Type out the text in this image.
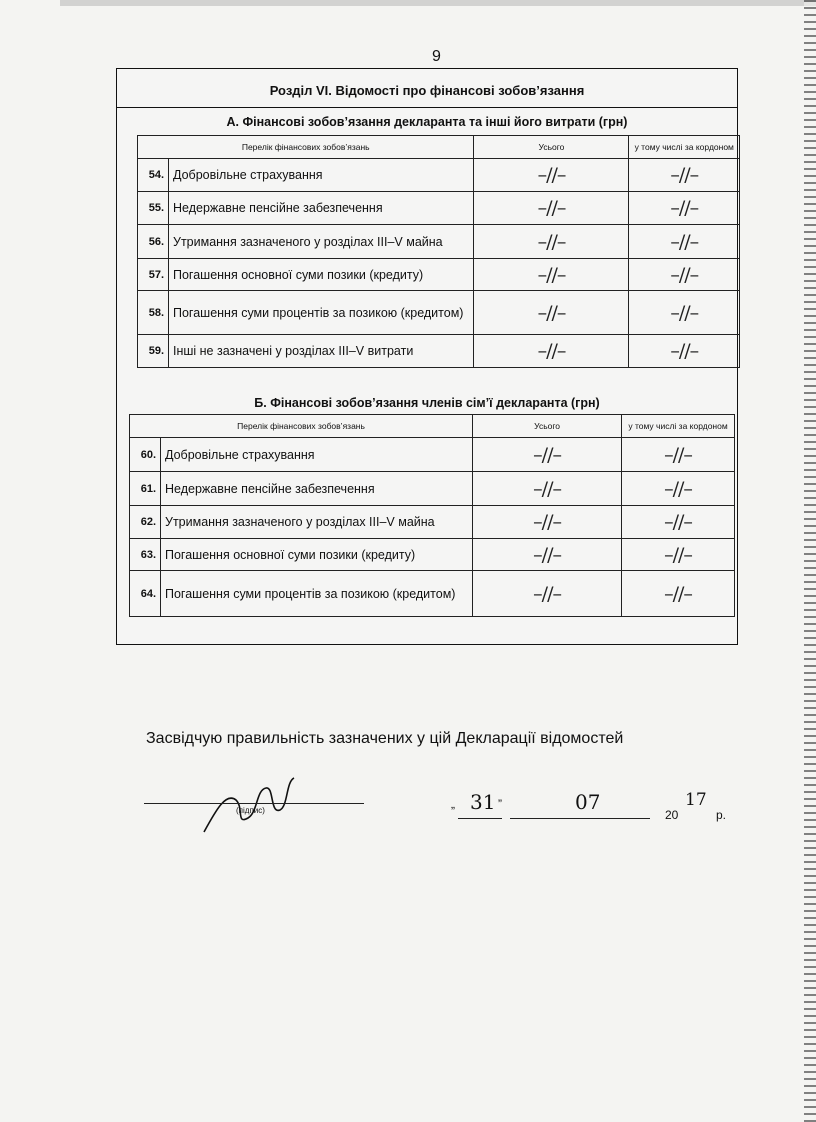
9
Розділ VI. Відомості про фінансові зобов’язання
А. Фінансові зобов’язання декларанта та інші його витрати (грн)
Перелік фінансових зобов’язань		Усього	у тому числі за кордоном
54.	Добровільне страхування	–//–	–//–
55.	Недержавне пенсійне забезпечення	–//–	–//–
56.	Утримання зазначеного у розділах III–V майна	–//–	–//–
57.	Погашення основної суми позики (кредиту)	–//–	–//–
58.	Погашення суми процентів за позикою (кредитом)	–//–	–//–
59.	Інші не зазначені у розділах III–V витрати	–//–	–//–
Б. Фінансові зобов’язання членів сім’ї декларанта (грн)
Перелік фінансових зобов’язань		Усього	у тому числі за кордоном
60.	Добровільне страхування	–//–	–//–
61.	Недержавне пенсійне забезпечення	–//–	–//–
62.	Утримання зазначеного у розділах III–V майна	–//–	–//–
63.	Погашення основної суми позики (кредиту)	–//–	–//–
64.	Погашення суми процентів за позикою (кредитом)	–//–	–//–
Засвідчую правильність зазначених у цій Декларації відомостей
(підпис)	„ 31 ”	07
20
17
р.
